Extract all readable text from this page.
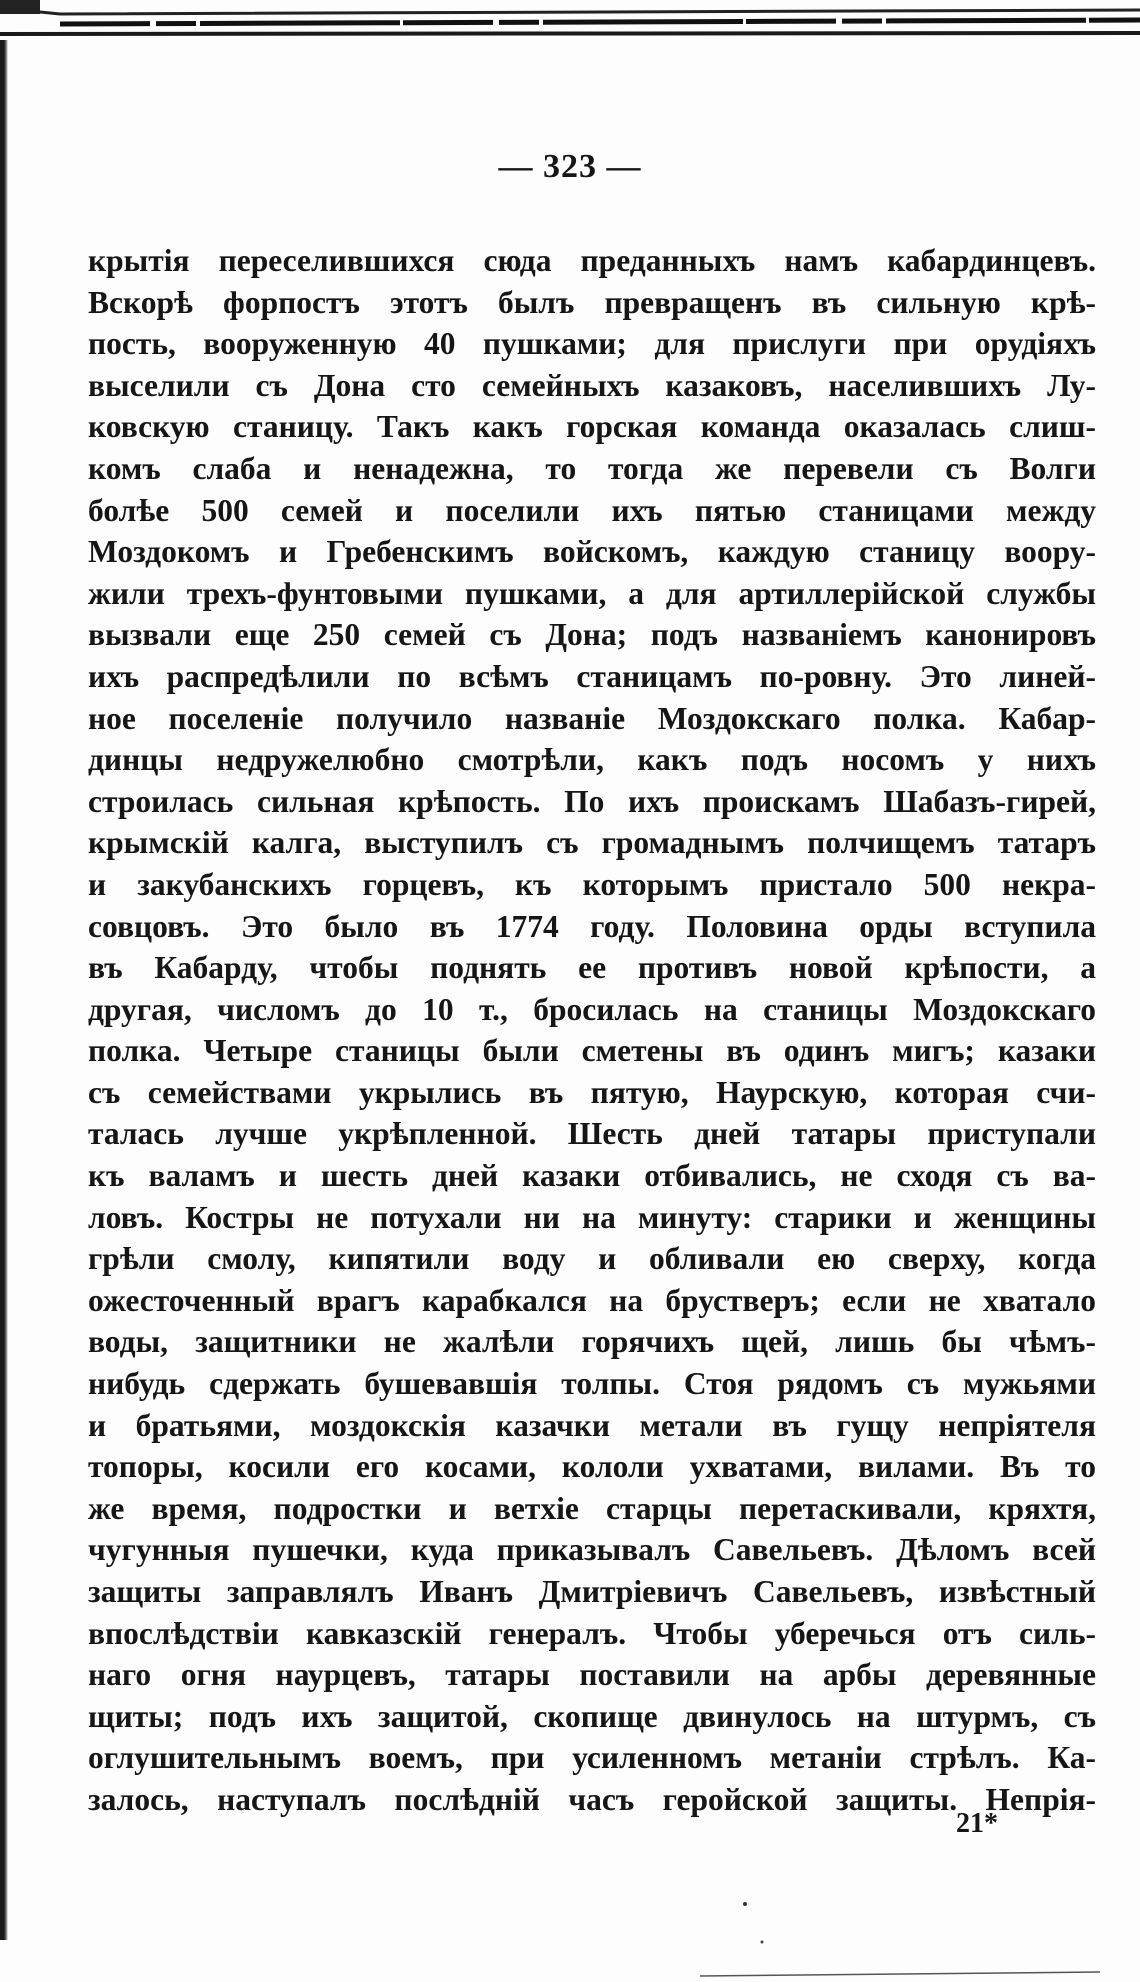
— 323 —
крытія переселившихся сюда преданныхъ намъ кабардинцевъ.
Вскорѣ форпостъ этотъ былъ превращенъ въ сильную крѣ-
пость, вооруженную 40 пушками; для прислуги при орудіяхъ
выселили съ Дона сто семейныхъ казаковъ, населившихъ Лу-
ковскую станицу. Такъ какъ горская команда оказалась слиш-
комъ слаба и ненадежна, то тогда же перевели съ Волги
болѣе 500 семей и поселили ихъ пятью станицами между
Моздокомъ и Гребенскимъ войскомъ, каждую станицу воору-
жили трехъ-фунтовыми пушками, а для артиллерійской службы
вызвали еще 250 семей съ Дона; подъ названіемъ канонировъ
ихъ распредѣлили по всѣмъ станицамъ по-ровну. Это линей-
ное поселеніе получило названіе Моздокскаго полка. Кабар-
динцы недружелюбно смотрѣли, какъ подъ носомъ у нихъ
строилась сильная крѣпость. По ихъ проискамъ Шабазъ-гирей,
крымскій калга, выступилъ съ громаднымъ полчищемъ татаръ
и закубанскихъ горцевъ, къ которымъ пристало 500 некра-
совцовъ. Это было въ 1774 году. Половина орды вступила
въ Кабарду, чтобы поднять ее противъ новой крѣпости, а
другая, числомъ до 10 т., бросилась на станицы Моздокскаго
полка. Четыре станицы были сметены въ одинъ мигъ; казаки
съ семействами укрылись въ пятую, Наурскую, которая счи-
талась лучше укрѣпленной. Шесть дней татары приступали
къ валамъ и шесть дней казаки отбивались, не сходя съ ва-
ловъ. Костры не потухали ни на минуту: старики и женщины
грѣли смолу, кипятили воду и обливали ею сверху, когда
ожесточенный врагъ карабкался на брустверъ; если не хватало
воды, защитники не жалѣли горячихъ щей, лишь бы чѣмъ-
нибудь сдержать бушевавшія толпы. Стоя рядомъ съ мужьями
и братьями, моздокскія казачки метали въ гущу непріятеля
топоры, косили его косами, кололи ухватами, вилами. Въ то
же время, подростки и ветхіе старцы перетаскивали, кряхтя,
чугунныя пушечки, куда приказывалъ Савельевъ. Дѣломъ всей
защиты заправлялъ Иванъ Дмитріевичъ Савельевъ, извѣстный
впослѣдствіи кавказскій генералъ. Чтобы уберечься отъ силь-
наго огня наурцевъ, татары поставили на арбы деревянные
щиты; подъ ихъ защитой, скопище двинулось на штурмъ, съ
оглушительнымъ воемъ, при усиленномъ метаніи стрѣлъ. Ка-
залось, наступалъ послѣдній часъ геройской защиты. Непрія-
21*
